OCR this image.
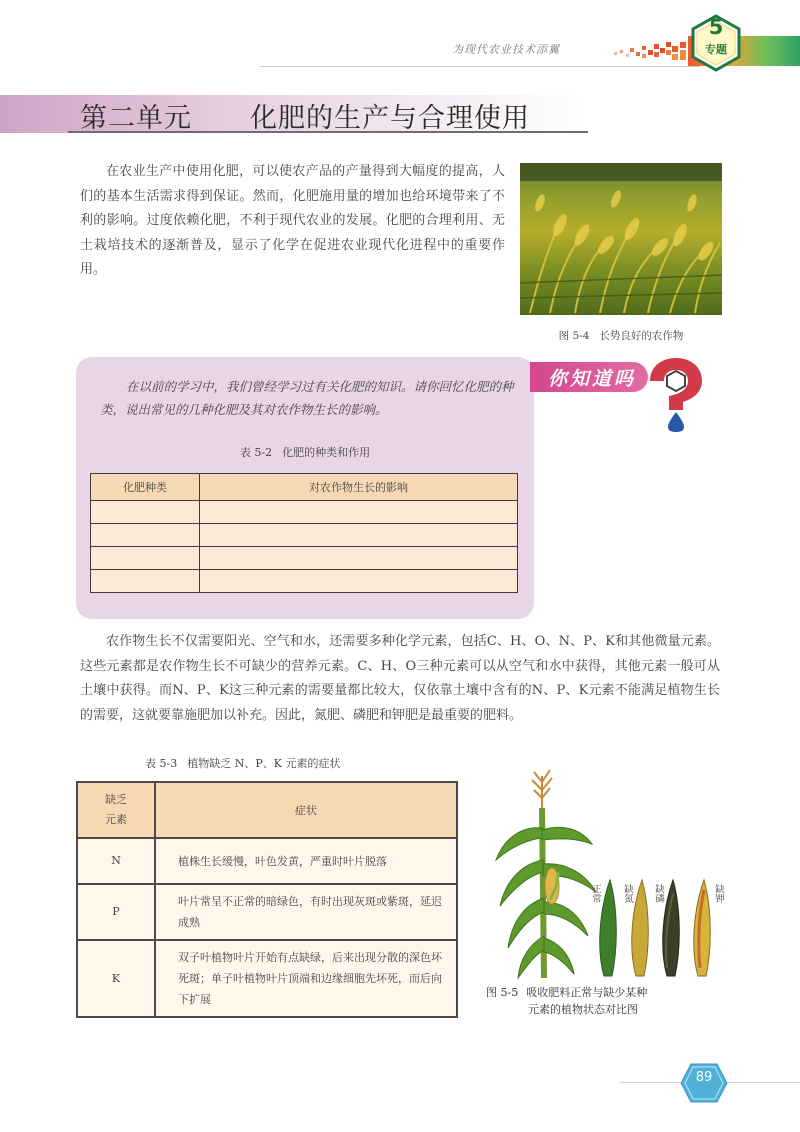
为现代农业技术添翼
5
专题
第二单元 化肥的生产与合理使用

在农业生产中使用化肥，可以使农产品的产量得到大幅度的提高，人们的基本生活需求得到保证。然而，化肥施用量的增加也给环境带来了不利的影响。过度依赖化肥，不利于现代农业的发展。化肥的合理利用、无土栽培技术的逐渐普及，显示了化学在促进农业现代化进程中的重要作用。

图 5-4 长势良好的农作物
你知道吗

在以前的学习中，我们曾经学习过有关化肥的知识。请你回忆化肥的种类，说出常见的几种化肥及其对农作物生长的影响。

表 5-2 化肥的种类和作用
化肥种类	对农作物生长的影响

农作物生长不仅需要阳光、空气和水，还需要多种化学元素，包括C、H、O、N、P、K和其他微量元素。这些元素都是农作物生长不可缺少的营养元素。C、H、O三种元素可以从空气和水中获得，其他元素一般可从土壤中获得。而N、P、K这三种元素的需要量都比较大，仅依靠土壤中含有的N、P、K元素不能满足植物生长的需要，这就要靠施肥加以补充。因此，氮肥、磷肥和钾肥是最重要的肥料。

表 5-3 植物缺乏 N、P、K 元素的症状
缺乏元素	症状
N	植株生长缓慢，叶色发黄，严重时叶片脱落
P	叶片常呈不正常的暗绿色，有时出现灰斑或紫斑，延迟成熟
K	双子叶植物叶片开始有点缺绿，后来出现分散的深色坏死斑；单子叶植物叶片顶端和边缘细胞先坏死，而后向下扩展
正常 缺氮 缺磷	缺钾
图 5-5 吸收肥料正常与缺少某种
元素的植物状态对比图
89
